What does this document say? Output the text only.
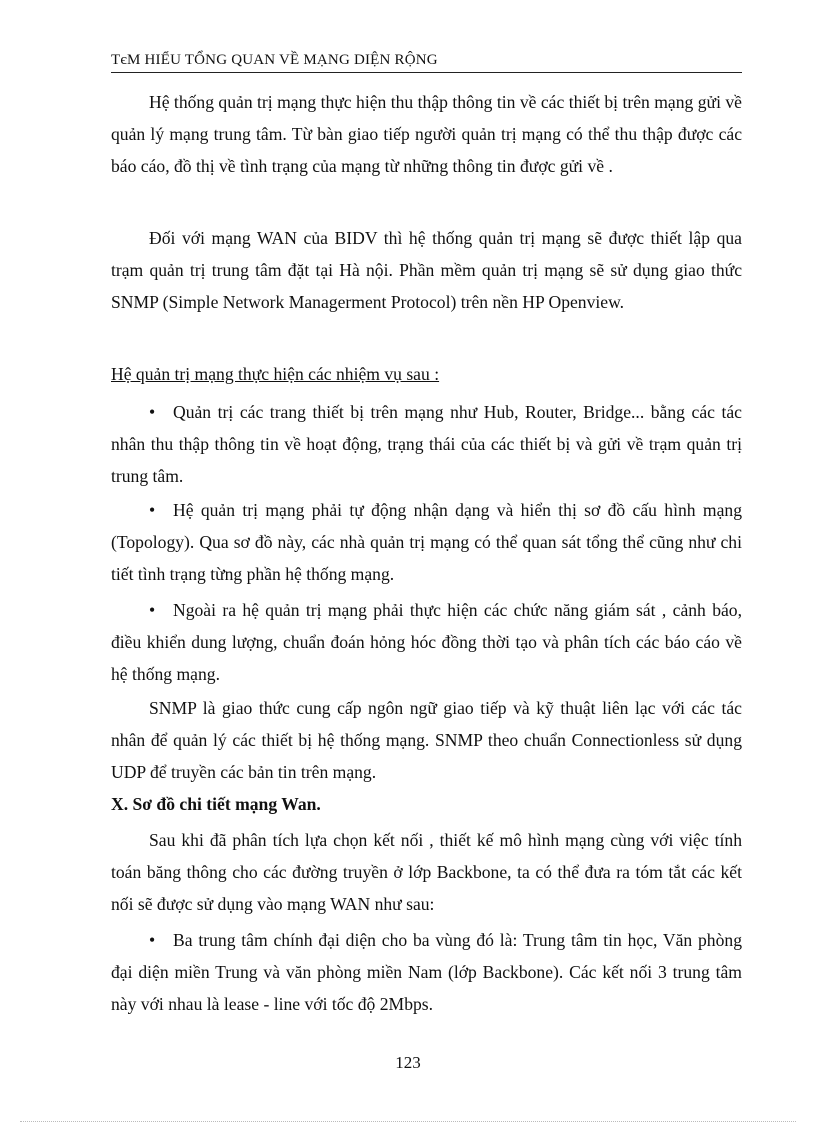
TєM HIỂU TỔNG QUAN VỀ MẠNG DIỆN RỘNG

Hệ thống quản trị mạng thực hiện thu thập thông tin về các thiết bị trên mạng gửi về quản lý mạng trung tâm. Từ bàn giao tiếp người quản trị mạng có thể thu thập được các báo cáo, đồ thị về tình trạng của mạng từ những thông tin được gửi về .

Đối với mạng WAN của BIDV thì hệ thống quản trị mạng sẽ được thiết lập qua trạm quản trị trung tâm đặt tại Hà nội. Phần mềm quản trị mạng sẽ sử dụng giao thức SNMP (Simple Network Managerment Protocol) trên nền HP Openview.

Hệ quản trị mạng thực hiện các nhiệm vụ sau :

• Quản trị các trang thiết bị trên mạng như Hub, Router, Bridge... bằng các tác nhân thu thập thông tin về hoạt động, trạng thái của các thiết bị và gửi về trạm quản trị trung tâm.

• Hệ quản trị mạng phải tự động nhận dạng và hiển thị sơ đồ cấu hình mạng (Topology). Qua sơ đồ này, các nhà quản trị mạng có thể quan sát tổng thể cũng như chi tiết tình trạng từng phần hệ thống mạng.

• Ngoài ra hệ quản trị mạng phải thực hiện các chức năng giám sát , cảnh báo, điều khiển dung lượng, chuẩn đoán hỏng hóc đồng thời tạo và phân tích các báo cáo về hệ thống mạng.

SNMP là giao thức cung cấp ngôn ngữ giao tiếp và kỹ thuật liên lạc với các tác nhân để quản lý các thiết bị hệ thống mạng. SNMP theo chuẩn Connectionless sử dụng UDP để truyền các bản tin trên mạng.

X. Sơ đồ chi tiết mạng Wan.

Sau khi đã phân tích lựa chọn kết nối , thiết kế mô hình mạng cùng với việc tính toán băng thông cho các đường truyền ở lớp Backbone, ta có thể đưa ra tóm tắt các kết nối sẽ được sử dụng vào mạng WAN như sau:

• Ba trung tâm chính đại diện cho ba vùng đó là: Trung tâm tin học, Văn phòng đại diện miền Trung và văn phòng miền Nam (lớp Backbone). Các kết nối 3 trung tâm này với nhau là lease - line với tốc độ 2Mbps.

123
